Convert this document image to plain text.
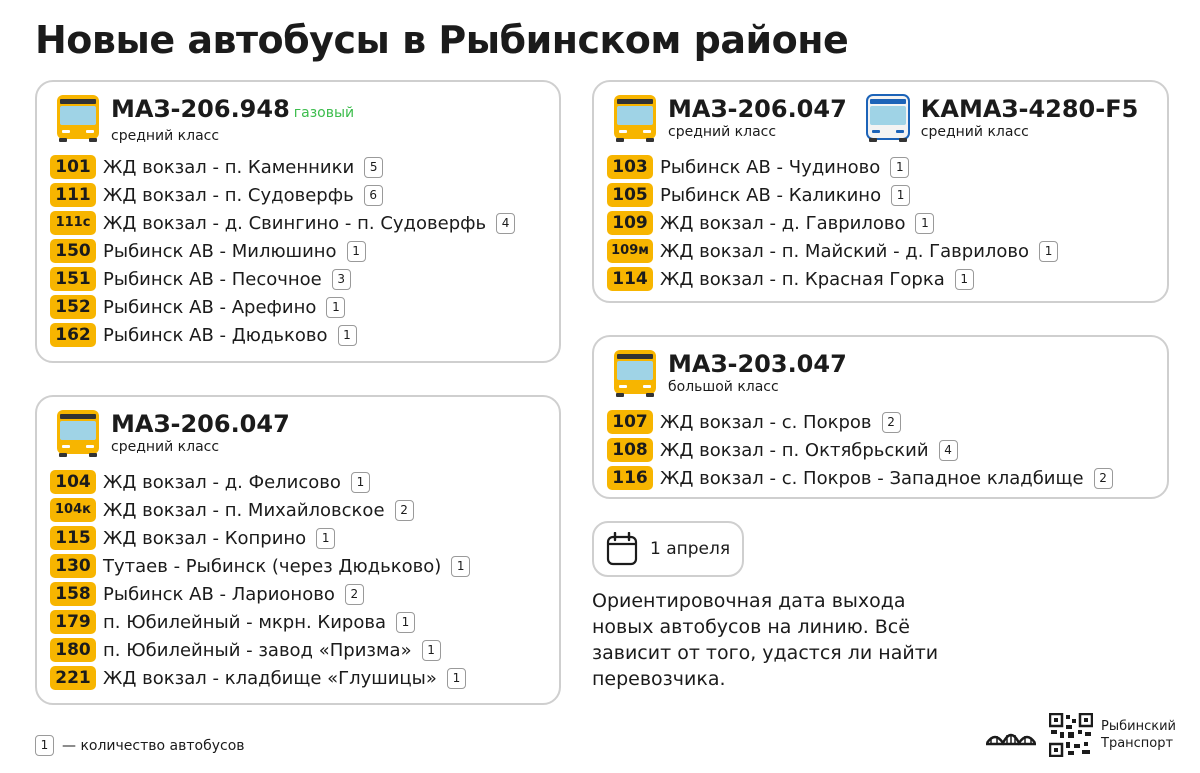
Новые автобусы в Рыбинском районе
МАЗ-206.948 газовый
средний класс
101 ЖД вокзал - п. Каменники	5
111 ЖД вокзал - п. Судоверфь	6
111с ЖД вокзал - д. Свингино - п. Судоверфь	4
150 Рыбинск АВ - Милюшино	1
151 Рыбинск АВ - Песочное	3
152 Рыбинск АВ - Арефино	1
162 Рыбинск АВ - Дюдьково	1
МАЗ-206.047
средний класс
104 ЖД вокзал - д. Фелисово	1
104к ЖД вокзал - п. Михайловское	2
115 ЖД вокзал - Коприно	1
130 Тутаев - Рыбинск (через Дюдьково)	1
158 Рыбинск АВ - Ларионово	2
179 п. Юбилейный - мкрн. Кирова	1
180 п. Юбилейный - завод «Призма»	1
221 ЖД вокзал - кладбище «Глушицы»	1
МАЗ-206.047
средний класс
КАМАЗ-4280-F5
средний класс
103 Рыбинск АВ - Чудиново	1
105 Рыбинск АВ - Каликино	1
109 ЖД вокзал - д. Гаврилово	1
109м ЖД вокзал - п. Майский - д. Гаврилово	1
114 ЖД вокзал - п. Красная Горка	1
МАЗ-203.047
большой класс
107 ЖД вокзал - с. Покров	2
108 ЖД вокзал - п. Октябрьский	4
116 ЖД вокзал - с. Покров - Западное кладбище	2
1 апреля
Ориентировочная дата выхода новых автобусов на линию. Всё зависит от того, удастся ли найти перевозчика.
1 — количество автобусов
Рыбинский
Транспорт
